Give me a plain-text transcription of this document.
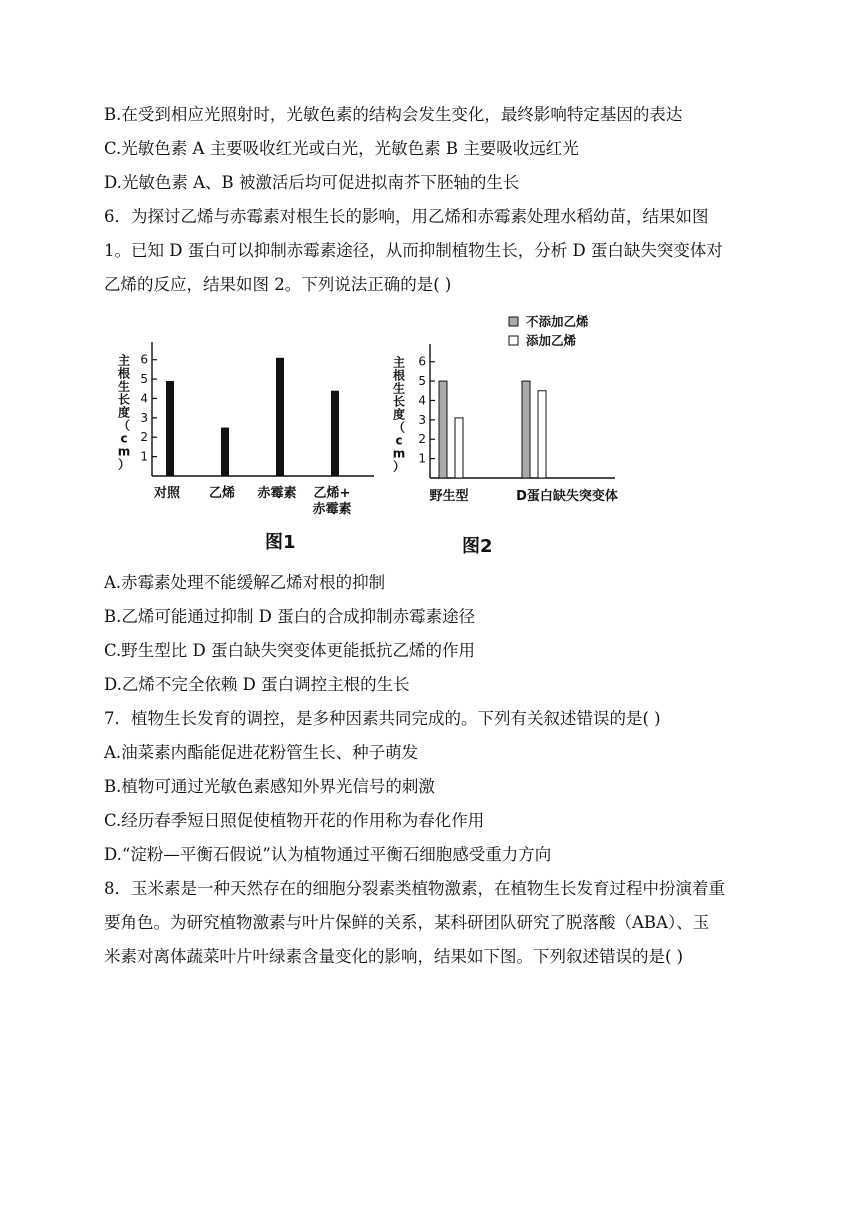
B.在受到相应光照射时，光敏色素的结构会发生变化，最终影响特定基因的表达
C.光敏色素 A 主要吸收红光或白光，光敏色素 B 主要吸收远红光
D.光敏色素 A、B 被激活后均可促进拟南芥下胚轴的生长
6．为探讨乙烯与赤霉素对根生长的影响，用乙烯和赤霉素处理水稻幼苗，结果如图
1。已知 D 蛋白可以抑制赤霉素途径，从而抑制植物生长，分析 D 蛋白缺失突变体对
乙烯的反应，结果如图 2。下列说法正确的是( )
1
2
3
4
5
6
主根生长度（ c m ）
对照 乙烯 赤霉素 乙烯+
赤霉素
图1
1
2
3
4
5
6
主根生长度（ c m ）
不添加乙烯
添加乙烯
野生型	D蛋白缺失突变体
图2
A.赤霉素处理不能缓解乙烯对根的抑制
B.乙烯可能通过抑制 D 蛋白的合成抑制赤霉素途径
C.野生型比 D 蛋白缺失突变体更能抵抗乙烯的作用
D.乙烯不完全依赖 D 蛋白调控主根的生长
7．植物生长发育的调控，是多种因素共同完成的。下列有关叙述错误的是( )
A.油菜素内酯能促进花粉管生长、种子萌发
B.植物可通过光敏色素感知外界光信号的刺激
C.经历春季短日照促使植物开花的作用称为春化作用
D.“淀粉—平衡石假说”认为植物通过平衡石细胞感受重力方向
8．玉米素是一种天然存在的细胞分裂素类植物激素，在植物生长发育过程中扮演着重
要角色。为研究植物激素与叶片保鲜的关系，某科研团队研究了脱落酸（ABA）、玉
米素对离体蔬菜叶片叶绿素含量变化的影响，结果如下图。下列叙述错误的是( )
